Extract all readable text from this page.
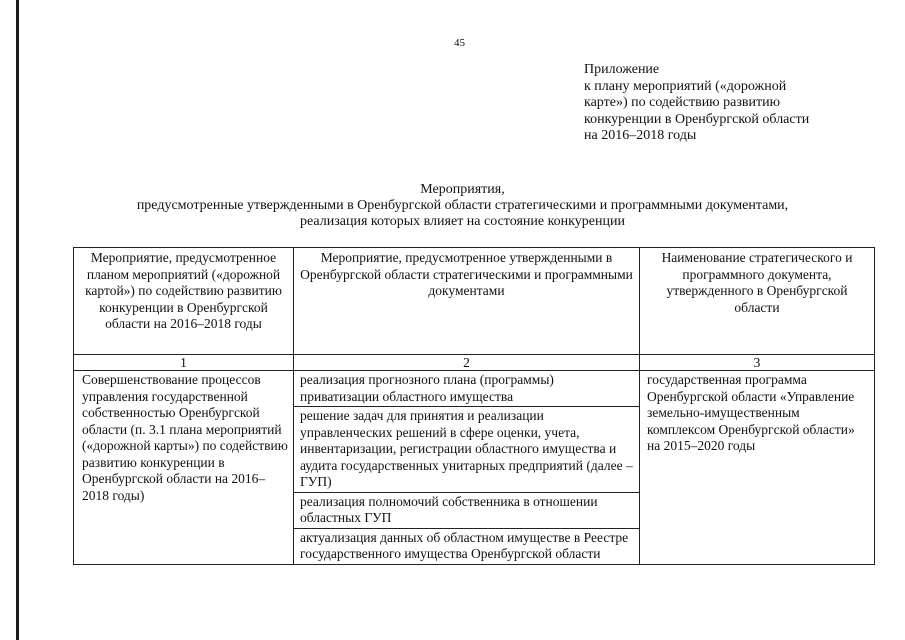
45
Приложение
к плану мероприятий («дорожной
карте») по содействию развитию
конкуренции в Оренбургской области
на 2016–2018 годы
Мероприятия,
предусмотренные утвержденными в Оренбургской области стратегическими и программными документами,
реализация которых влияет на состояние конкуренции
Мероприятие, предусмотренное планом мероприятий («дорожной картой») по содействию развитию конкуренции в Оренбургской области на 2016–2018 годы	Мероприятие, предусмотренное утвержденными в Оренбургской области стратегическими и программными документами	Наименование стратегического и программного документа, утвержденного в Оренбургской области
1	2	3
Совершенствование процессов управления государственной собственностью Оренбургской области (п. 3.1 плана мероприятий («дорожной карты») по содействию развитию конкуренции в Оренбургской области на 2016–2018 годы)	реализация прогнозного плана (программы) приватизации областного имущества	государственная программа Оренбургской области «Управление земельно-имущественным комплексом Оренбургской области» на 2015–2020 годы
	решение задач для принятия и реализации управленческих решений в сфере оценки, учета, инвентаризации, регистрации областного имущества и аудита государственных унитарных предприятий (далее – ГУП)	
	реализация полномочий собственника в отношении областных ГУП	
	актуализация данных об областном имуществе в Реестре государственного имущества Оренбургской области	
